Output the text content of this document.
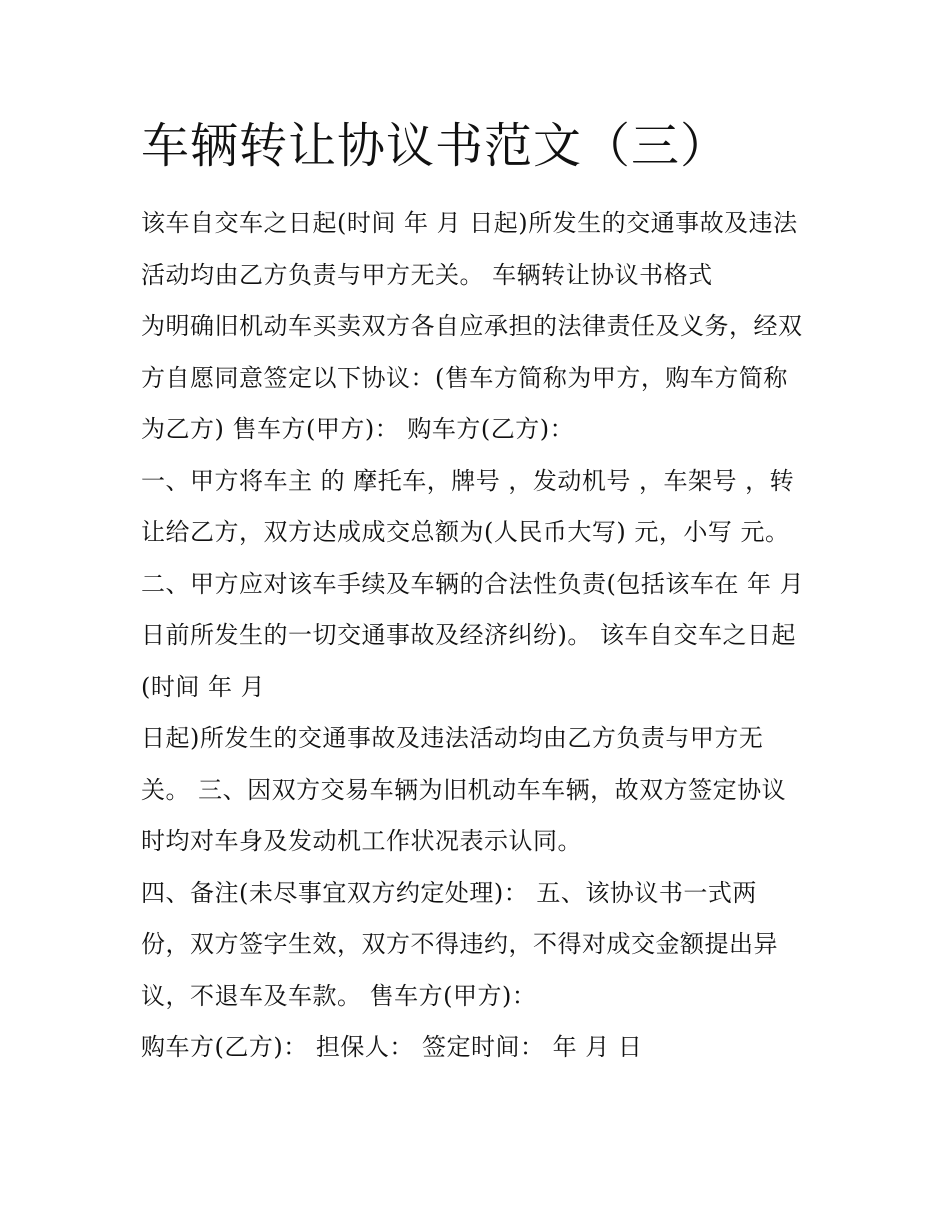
车辆转让协议书范文（三）
该车自交车之日起(时间 年 月 日起)所发生的交通事故及违法
活动均由乙方负责与甲方无关。 车辆转让协议书格式
为明确旧机动车买卖双方各自应承担的法律责任及义务，经双
方自愿同意签定以下协议：(售车方简称为甲方，购车方简称
为乙方) 售车方(甲方)： 购车方(乙方)：
一、甲方将车主 的 摩托车，牌号 ，发动机号 ，车架号 ，转
让给乙方，双方达成成交总额为(人民币大写) 元，小写 元。
二、甲方应对该车手续及车辆的合法性负责(包括该车在 年 月
日前所发生的一切交通事故及经济纠纷)。 该车自交车之日起
(时间 年 月
日起)所发生的交通事故及违法活动均由乙方负责与甲方无
关。 三、因双方交易车辆为旧机动车车辆，故双方签定协议
时均对车身及发动机工作状况表示认同。
四、备注(未尽事宜双方约定处理)： 五、该协议书一式两
份，双方签字生效，双方不得违约，不得对成交金额提出异
议，不退车及车款。 售车方(甲方)：
购车方(乙方)： 担保人： 签定时间： 年 月 日
